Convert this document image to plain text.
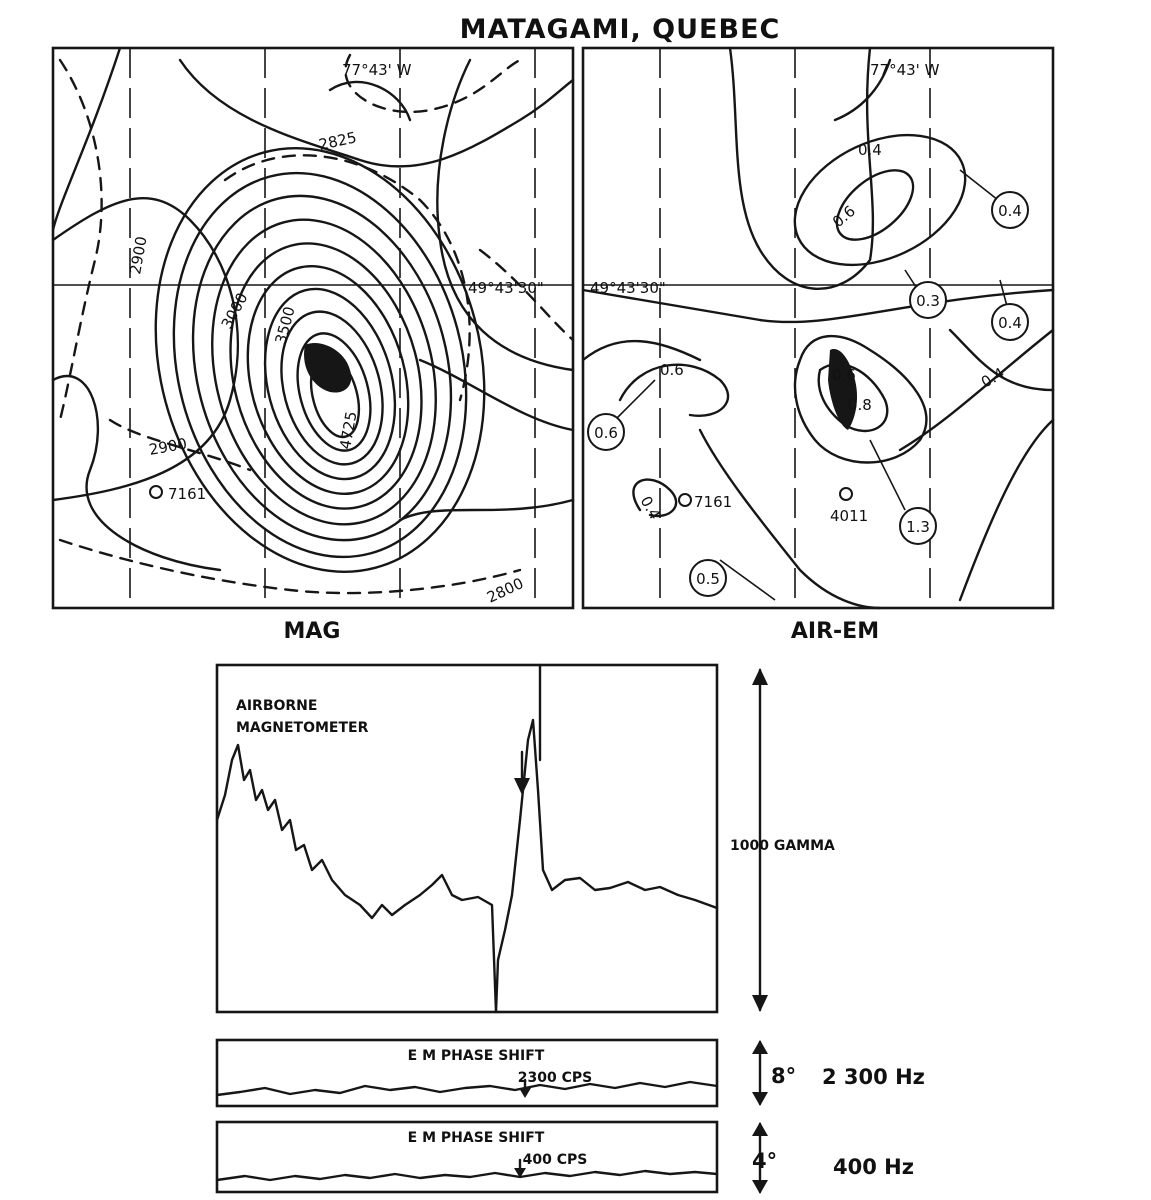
MATAGAMI, QUEBEC
77°43' W
49°43'30"
2825
2900
3000 3500
4725
2900
2800
7161
MAG
77°43' W
49°43'30"
0.4
0.6
0.6	0.6
0.8
0.4
0.4
0.4
0.3
0.4
0.6
0.5
1.3
7161
4011
AIR-EM
AIRBORNE
MAGNETOMETER
1000 GAMMA
E M PHASE SHIFT
2300 CPS	8° 2 300 Hz
E M PHASE SHIFT
400 CPS	4°	400 Hz
